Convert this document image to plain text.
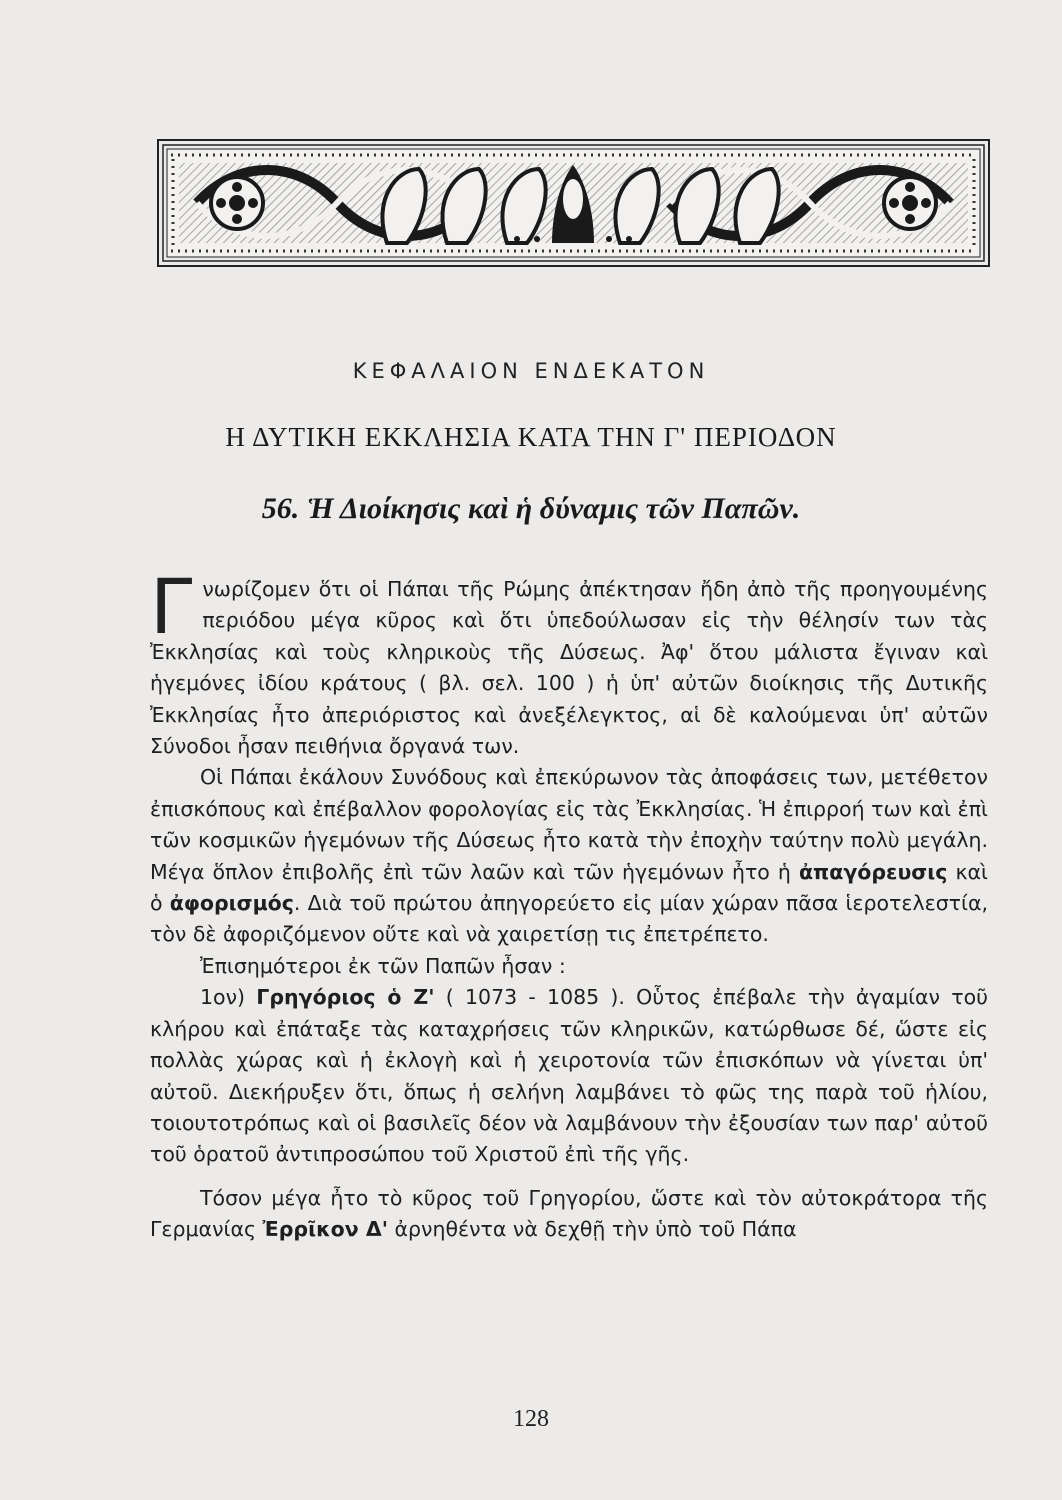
ΚΕΦΑΛΑΙΟΝ ΕΝΔΕΚΑΤΟΝ
Η ΔΥΤΙΚΗ ΕΚΚΛΗΣΙΑ ΚΑΤΑ ΤΗΝ Γ' ΠΕΡΙΟΔΟΝ
56. Ἡ Διοίκησις καὶ ἡ δύναμις τῶν Παπῶν.

Γνωρίζομεν ὅτι οἱ Πάπαι τῆς Ρώμης ἀπέκτησαν ἤδη ἀπὸ τῆς προηγουμένης περιόδου μέγα κῦρος καὶ ὅτι ὑπεδούλωσαν εἰς τὴν θέλησίν των τὰς Ἐκκλησίας καὶ τοὺς κληρικοὺς τῆς Δύσεως. Ἀφ' ὅτου μάλιστα ἔγιναν καὶ ἡγεμόνες ἰδίου κράτους ( βλ. σελ. 100 ) ἡ ὑπ' αὐτῶν διοίκησις τῆς Δυτικῆς Ἐκκλησίας ἦτο ἀπεριόριστος καὶ ἀνεξέλεγκτος, αἱ δὲ καλούμεναι ὑπ' αὐτῶν Σύνοδοι ἦσαν πειθήνια ὄργανά των.

Οἱ Πάπαι ἐκάλουν Συνόδους καὶ ἐπεκύρωνον τὰς ἀποφάσεις των, μετέθετον ἐπισκόπους καὶ ἐπέβαλλον φορολογίας εἰς τὰς Ἐκκλησίας. Ἡ ἐπιρροή των καὶ ἐπὶ τῶν κοσμικῶν ἡγεμόνων τῆς Δύσεως ἦτο κατὰ τὴν ἐποχὴν ταύτην πολὺ μεγάλη. Μέγα ὅπλον ἐπιβολῆς ἐπὶ τῶν λαῶν καὶ τῶν ἡγεμόνων ἦτο ἡ ἀπαγόρευσις καὶ ὁ ἀφορισμός. Διὰ τοῦ πρώτου ἀπηγορεύετο εἰς μίαν χώραν πᾶσα ἱεροτελεστία, τὸν δὲ ἀφοριζόμενον οὔτε καὶ νὰ χαιρετίσῃ τις ἐπετρέπετο.

Ἐπισημότεροι ἐκ τῶν Παπῶν ἦσαν :

1ον) Γρηγόριος ὁ Ζ' ( 1073 - 1085 ). Οὗτος ἐπέβαλε τὴν ἀγαμίαν τοῦ κλήρου καὶ ἐπάταξε τὰς καταχρήσεις τῶν κληρικῶν, κατώρθωσε δέ, ὥστε εἰς πολλὰς χώρας καὶ ἡ ἐκλογὴ καὶ ἡ χειροτονία τῶν ἐπισκόπων νὰ γίνεται ὑπ' αὐτοῦ. Διεκήρυξεν ὅτι, ὅπως ἡ σελήνη λαμβάνει τὸ φῶς της παρὰ τοῦ ἡλίου, τοιουτοτρόπως καὶ οἱ βασιλεῖς δέον νὰ λαμβάνουν τὴν ἐξουσίαν των παρ' αὐτοῦ τοῦ ὁρατοῦ ἀντιπροσώπου τοῦ Χριστοῦ ἐπὶ τῆς γῆς.

Τόσον μέγα ἦτο τὸ κῦρος τοῦ Γρηγορίου, ὥστε καὶ τὸν αὐτοκράτορα τῆς Γερμανίας Ἐρρῖκον Δ' ἀρνηθέντα νὰ δεχθῇ τὴν ὑπὸ τοῦ Πάπα

128
